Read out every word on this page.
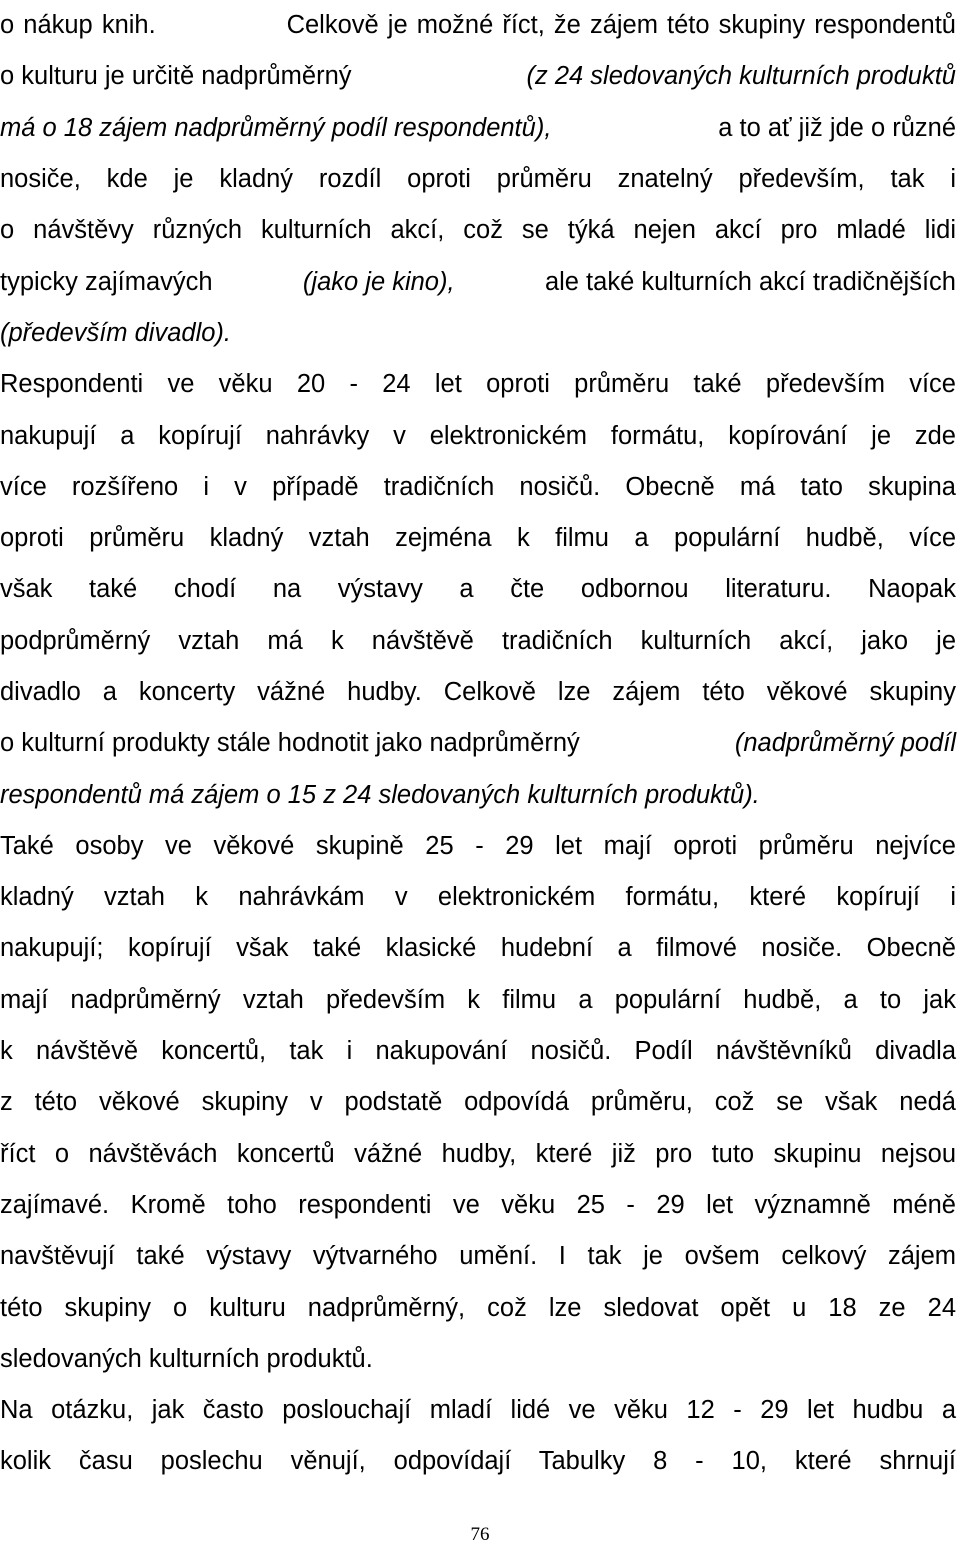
o nákup knih.	Celkově je možné říct, že zájem této skupiny respondentů
o kulturu je určitě nadprůměrný	(z 24 sledovaných kulturních produktů
má o 18 zájem nadprůměrný podíl respondentů),	a to ať již jde o různé
nosiče, kde je kladný rozdíl oproti průměru znatelný především, tak i
o návštěvy různých kulturních akcí, což se týká nejen akcí pro mladé lidi
typicky zajímavých	(jako je kino),	ale také kulturních akcí tradičnějších
(především divadlo).
Respondenti ve věku 20 - 24 let oproti průměru také především více
nakupují a kopírují nahrávky v elektronickém formátu, kopírování je zde
více rozšířeno i v případě tradičních nosičů. Obecně má tato skupina
oproti průměru kladný vztah zejména k filmu a populární hudbě, více
však také chodí na výstavy a čte odbornou literaturu. Naopak
podprůměrný vztah má k návštěvě tradičních kulturních akcí, jako je
divadlo a koncerty vážné hudby. Celkově lze zájem této věkové skupiny
o kulturní produkty stále hodnotit jako nadprůměrný	(nadprůměrný podíl
respondentů má zájem o 15 z 24 sledovaných kulturních produktů).
Také osoby ve věkové skupině 25 - 29 let mají oproti průměru nejvíce
kladný vztah k nahrávkám v elektronickém formátu, které kopírují i
nakupují; kopírují však také klasické hudební a filmové nosiče. Obecně
mají nadprůměrný vztah především k filmu a populární hudbě, a to jak
k návštěvě koncertů, tak i nakupování nosičů. Podíl návštěvníků divadla
z této věkové skupiny v podstatě odpovídá průměru, což se však nedá
říct o návštěvách koncertů vážné hudby, které již pro tuto skupinu nejsou
zajímavé. Kromě toho respondenti ve věku 25 - 29 let významně méně
navštěvují také výstavy výtvarného umění. I tak je ovšem celkový zájem
této skupiny o kulturu nadprůměrný, což lze sledovat opět u 18 ze 24
sledovaných kulturních produktů.
Na otázku, jak často poslouchají mladí lidé ve věku 12 - 29 let hudbu a
kolik času poslechu věnují, odpovídají Tabulky 8 - 10, které shrnují
76
